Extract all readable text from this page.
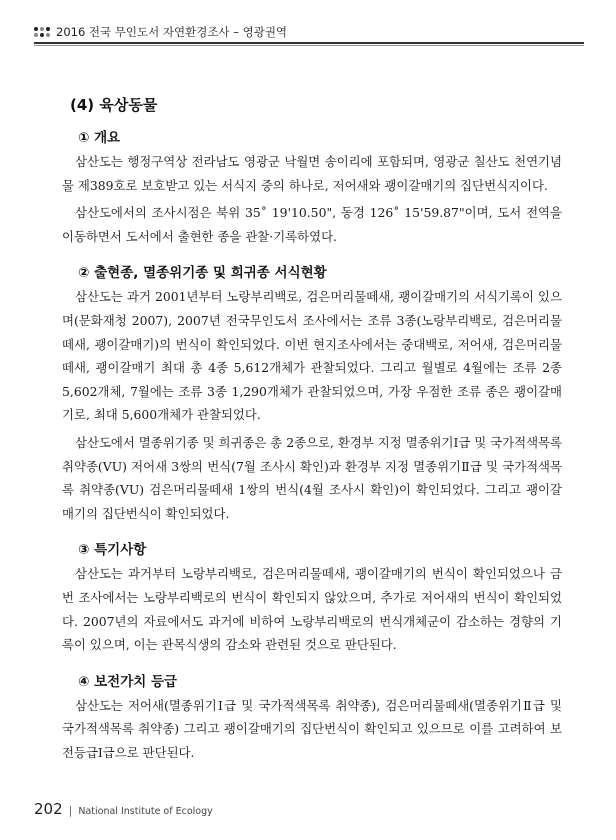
2016 전국 무인도서 자연환경조사 – 영광권역
(4) 육상동물
① 개요

삼산도는 행정구역상 전라남도 영광군 낙월면 송이리에 포함되며, 영광군 칠산도 천연기념물 제389호로 보호받고 있는 서식지 중의 하나로, 저어새와 괭이갈매기의 집단번식지이다.

삼산도에서의 조사시점은 북위 35˚ 19'10.50", 동경 126˚ 15'59.87"이며, 도서 전역을 이동하면서 도서에서 출현한 종을 관찰·기록하였다.

② 출현종, 멸종위기종 및 희귀종 서식현황

삼산도는 과거 2001년부터 노랑부리백로, 검은머리물떼새, 괭이갈매기의 서식기록이 있으며(문화재청 2007), 2007년 전국무인도서 조사에서는 조류 3종(노랑부리백로, 검은머리물떼새, 괭이갈매기)의 번식이 확인되었다. 이번 현지조사에서는 중대백로, 저어새, 검은머리물떼새, 괭이갈매기 최대 총 4종 5,612개체가 관찰되었다. 그리고 월별로 4월에는 조류 2종 5,602개체, 7월에는 조류 3종 1,290개체가 관찰되었으며, 가장 우점한 조류 종은 괭이갈매기로, 최대 5,600개체가 관찰되었다.

삼산도에서 멸종위기종 및 희귀종은 총 2종으로, 환경부 지정 멸종위기Ⅰ급 및 국가적색목록 취약종(VU) 저어새 3쌍의 번식(7월 조사시 확인)과 환경부 지정 멸종위기Ⅱ급 및 국가적색목록 취약종(VU) 검은머리물떼새 1쌍의 번식(4월 조사시 확인)이 확인되었다. 그리고 괭이갈매기의 집단번식이 확인되었다.

③ 특기사항

삼산도는 과거부터 노랑부리백로, 검은머리물떼새, 괭이갈매기의 번식이 확인되었으나 금번 조사에서는 노랑부리백로의 번식이 확인되지 않았으며, 추가로 저어새의 번식이 확인되었다. 2007년의 자료에서도 과거에 비하여 노랑부리백로의 번식개체군이 감소하는 경향의 기록이 있으며, 이는 관목식생의 감소와 관련된 것으로 판단된다.

④ 보전가치 등급

삼산도는 저어새(멸종위기Ⅰ급 및 국가적색목록 취약종), 검은머리물떼새(멸종위기Ⅱ급 및 국가적색목록 취약종) 그리고 괭이갈매기의 집단번식이 확인되고 있으므로 이를 고려하여 보전등급Ⅰ급으로 판단된다.

202 | National Institute of Ecology
